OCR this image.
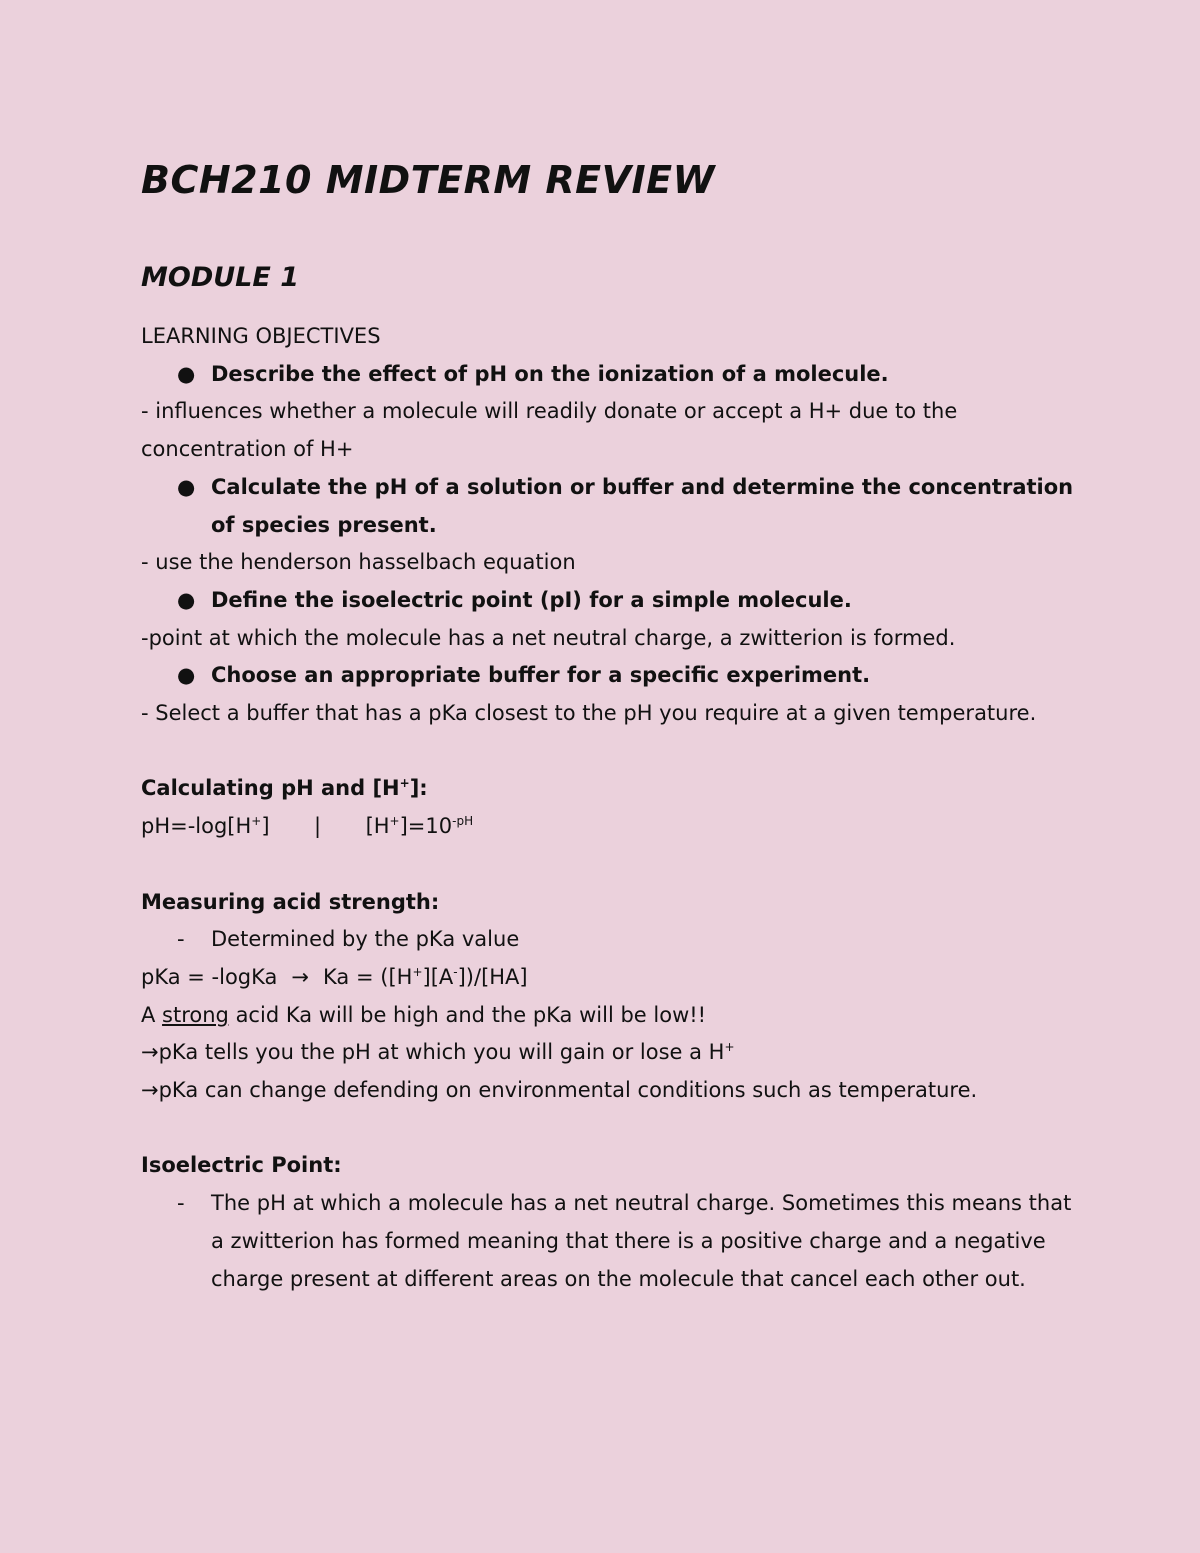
BCH210 MIDTERM REVIEW
MODULE 1

LEARNING OBJECTIVES

● Describe the effect of pH on the ionization of a molecule.

- influences whether a molecule will readily donate or accept a H+ due to the concentration of H+

● Calculate the pH of a solution or buffer and determine the concentration of species present.

- use the henderson hasselbach equation

● Define the isoelectric point (pI) for a simple molecule.

-point at which the molecule has a net neutral charge, a zwitterion is formed.

● Choose an appropriate buffer for a specific experiment.

- Select a buffer that has a pKa closest to the pH you require at a given temperature.

Calculating pH and [H+]:

pH=-log[H+] | $[H^+]=10^{-pH}$

Measuring acid strength:

- Determined by the pKa value

pKa = -logKa → Ka = ([H+][A-])/[HA]

A strong acid Ka will be high and the pKa will be low!!

→pKa tells you the pH at which you will gain or lose a H+

→pKa can change defending on environmental conditions such as temperature.

Isoelectric Point:

- The pH at which a molecule has a net neutral charge. Sometimes this means that a zwitterion has formed meaning that there is a positive charge and a negative charge present at different areas on the molecule that cancel each other out.
